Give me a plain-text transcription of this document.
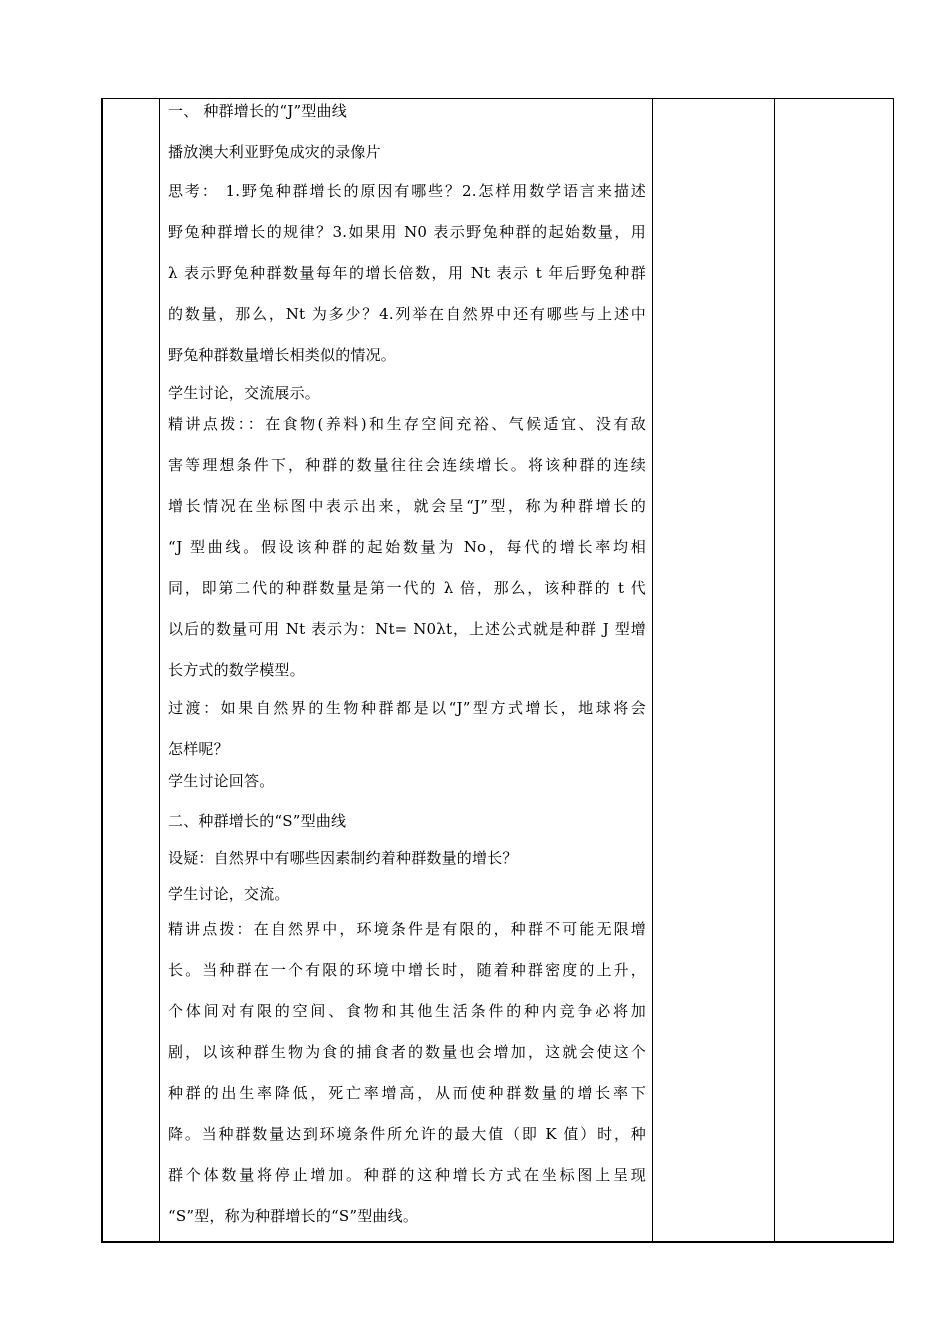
一、 种群增长的“J”型曲线
播放澳大利亚野兔成灾的录像片
思考： 1.野兔种群增长的原因有哪些？2.怎样用数学语言来描述
野兔种群增长的规律？3.如果用 N0 表示野兔种群的起始数量，用
λ 表示野兔种群数量每年的增长倍数，用 Nt 表示 t 年后野兔种群
的数量，那么，Nt 为多少？4.列举在自然界中还有哪些与上述中
野兔种群数量增长相类似的情况。
学生讨论，交流展示。
精讲点拨：：在食物(养料)和生存空间充裕、气候适宜、没有敌
害等理想条件下，种群的数量往往会连续增长。将该种群的连续
增长情况在坐标图中表示出来，就会呈“J”型，称为种群增长的
“J 型曲线。假设该种群的起始数量为 No，每代的增长率均相
同，即第二代的种群数量是第一代的 λ 倍，那么，该种群的 t 代
以后的数量可用 Nt 表示为：Nt= N0λt，上述公式就是种群 J 型增
长方式的数学模型。
过渡：如果自然界的生物种群都是以“J”型方式增长，地球将会
怎样呢？
学生讨论回答。
二、种群增长的“S”型曲线
设疑：自然界中有哪些因素制约着种群数量的增长？
学生讨论，交流。
精讲点拨：在自然界中，环境条件是有限的，种群不可能无限增
长。当种群在一个有限的环境中增长时，随着种群密度的上升，
个体间对有限的空间、食物和其他生活条件的种内竞争必将加
剧，以该种群生物为食的捕食者的数量也会增加，这就会使这个
种群的出生率降低，死亡率增高，从而使种群数量的增长率下
降。当种群数量达到环境条件所允许的最大值（即 K 值）时，种
群个体数量将停止增加。种群的这种增长方式在坐标图上呈现
“S”型，称为种群增长的“S”型曲线。
